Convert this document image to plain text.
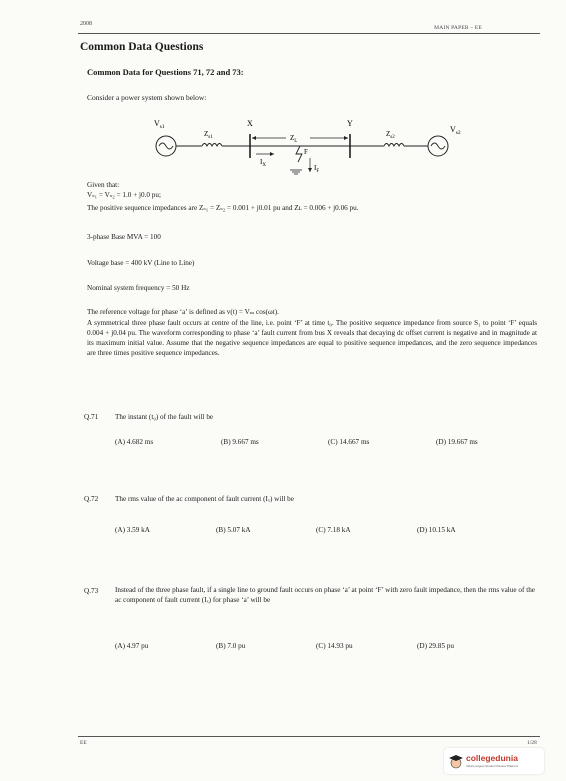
2008
MAIN PAPER – EE
Common Data Questions
Common Data for Questions 71, 72 and 73:
Consider a power system shown below:
$V_{s1}$
$Z_{s1}$
X
$Z_L$
$I_X$
F
$I_F$
Y
$Z_{s2}$
$V_{s2}$
Given that:
Vₛ₁ = Vₛ₂ = 1.0 + j0.0 pu;
The positive sequence impedances are Zₛ₁ = Zₛ₂ = 0.001 + j0.01 pu and Zʟ = 0.006 + j0.06 pu.
3-phase Base MVA = 100
Voltage base = 400 kV (Line to Line)
Nominal system frequency = 50 Hz
The reference voltage for phase ‘a’ is defined as v(t) = Vₘ cos(ωt).
A symmetrical three phase fault occurs at centre of the line, i.e. point ‘F’ at time t₀. The positive sequence impedance from source S₁ to point ‘F’ equals 0.004 + j0.04 pu. The waveform corresponding to phase ‘a’ fault current from bus X reveals that decaying dc offset current is negative and in magnitude at its maximum initial value. Assume that the negative sequence impedances are equal to positive sequence impedances, and the zero sequence impedances are three times positive sequence impedances.
Q.71 The instant (t₀) of the fault will be
(A) 4.682 ms	(B) 9.667 ms	(C) 14.667 ms	(D) 19.667 ms
Q.72 The rms value of the ac component of fault current (Iₓ) will be
(A) 3.59 kA	(B) 5.07 kA	(C) 7.18 kA	(D) 10.15 kA
Q.73 Instead of the three phase fault, if a single line to ground fault occurs on phase ‘a’ at point ‘F’ with zero fault impedance, then the rms value of the ac component of fault current (Iₓ) for phase ‘a’ will be
(A) 4.97 pu	(B) 7.0 pu	(C) 14.93 pu	(D) 29.85 pu
EE	1/28
collegedunia
India's largest Student Review Platform
